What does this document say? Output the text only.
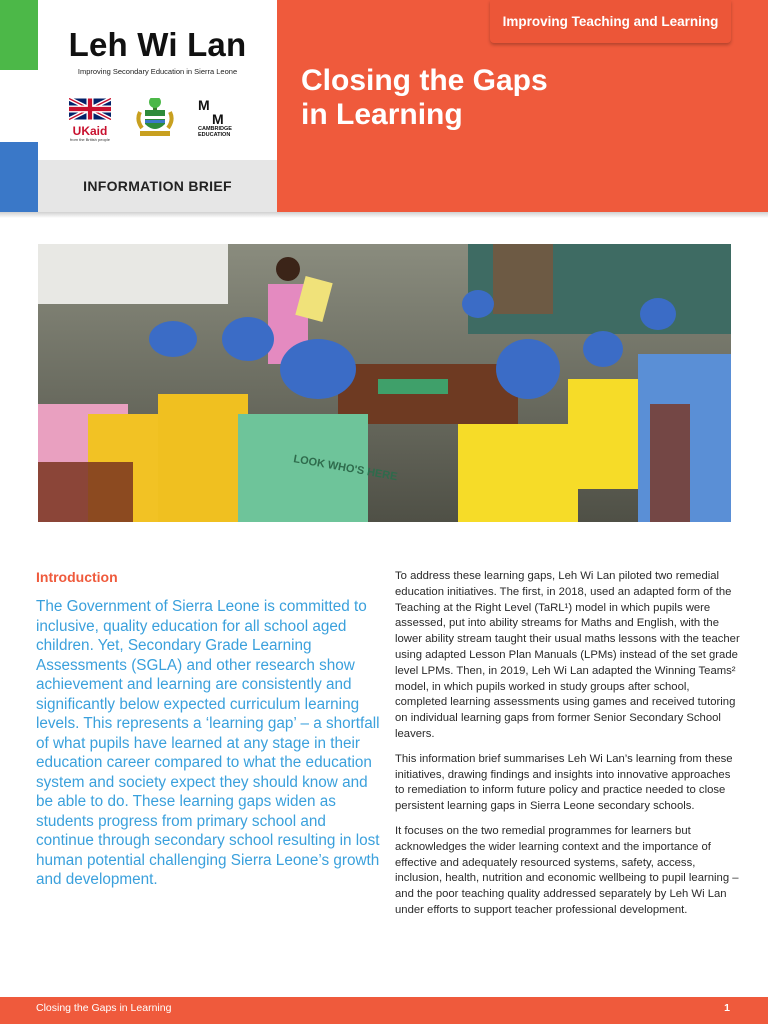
INFORMATION BRIEF
Leh Wi Lan
Improving Secondary Education in Sierra Leone
UKaid
from the British people
M
M
CAMBRIDGE
EDUCATION
Improving Teaching and Learning
Closing the Gaps
in Learning
LOOK WHO'S HERE
Introduction
The Government of Sierra Leone is committed to inclusive, quality education for all school aged children. Yet, Secondary Grade Learning Assessments (SGLA) and other research show achievement and learning are consistently and significantly below expected curriculum learning levels. This represents a ‘learning gap’ – a shortfall of what pupils have learned at any stage in their education career compared to what the education system and society expect they should know and be able to do. These learning gaps widen as students progress from primary school and continue through secondary school resulting in lost human potential challenging Sierra Leone’s growth and development.

To address these learning gaps, Leh Wi Lan piloted two remedial education initiatives. The first, in 2018, used an adapted form of the Teaching at the Right Level (TaRL¹) model in which pupils were assessed, put into ability streams for Maths and English, with the lower ability stream taught their usual maths lessons with the teacher using adapted Lesson Plan Manuals (LPMs) instead of the set grade level LPMs. Then, in 2019, Leh Wi Lan adapted the Winning Teams² model, in which pupils worked in study groups after school, completed learning assessments using games and received tutoring on individual learning gaps from former Senior Secondary School leavers.

This information brief summarises Leh Wi Lan’s learning from these initiatives, drawing findings and insights into innovative approaches to remediation to inform future policy and practice needed to close persistent learning gaps in Sierra Leone secondary schools.

It focuses on the two remedial programmes for learners but acknowledges the wider learning context and the importance of effective and adequately resourced systems, safety, access, inclusion, health, nutrition and economic wellbeing to pupil learning – and the poor teaching quality addressed separately by Leh Wi Lan under efforts to support teacher professional development.

Closing the Gaps in Learning	1
